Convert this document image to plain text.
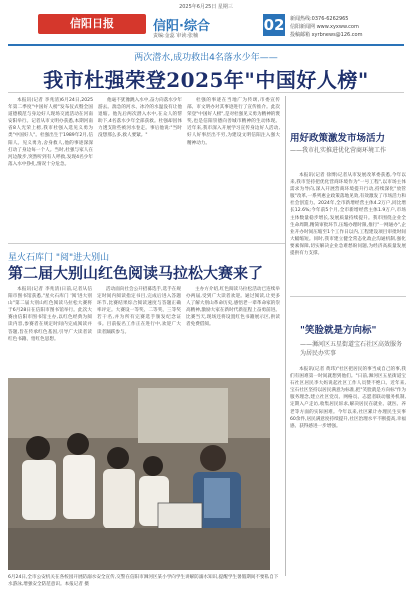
2025年6月25日 星期三
信阳日报	信阳·综合
责编:金蕊 审读:张楠
02 新闻热线:0376-6262965
信阳新闻网 www.xyxww.com
投稿邮箱 xyrbnews@126.com
两次潜水,成功救出4名落水少年——
我市杜强荣登2025年"中国好人榜"

本报讯(记者 李兆清)6月24日,2025年第二季度"中国好人榜"发布仪式暨全国道德模范与身边好人现场交流活动在河南安阳举行。记者从市文明办获悉,本期河南省8人光荣上榜,我市杜强入选见义勇为类"中国好人"。杜强出生于1989年2月,信阳人。见义勇为,舍身救人,他的事迹深深打动了身边每一个人。当时,杜强与家人在河边散步,突然听到有人呼救,发现4名少年落入水中挣扎,情况十分危急。

他毫不犹豫跳入水中,奋力向落水少年游去。湍急的河水、冰冷的水温没有让他退缩。他先后两次潜入水中,在众人的帮助下,4名落水少年全部获救。杜强却因体力透支险些被河水卷走。事后他说:"当时没想那么多,救人要紧。"

杜强的事迹在当地广为传颂,市委宣传部、市文明办对其事迹进行了宣传推介。此次荣登"中国好人榜",是对杜强见义勇为精神的褒奖,也是信阳崇德向善城市精神的生动体现。近年来,我市深入开展学习宣传身边好人活动,好人好事层出不穷,为建设文明信阳注入强大精神动力。	用好政策激发市场活力
——我市扎实推进优化营商环境工作

本报讯(记者 徐博)记者从市发展改革委获悉,今年以来,我市坚持把优化营商环境作为"一号工程",以市场主体需求为导向,深入开展营商环境提升行动,持续深化"放管服"改革,一系列惠企政策落地见效,有效激发了市场活力和社会创造力。2024年,全市新增经营主体4.2万户,同比增长12.6%;今年前5个月,全市新增经营主体1.9万户,市场主体数量稳步增长,发展质量持续提升。我市围绕企业全生命周期,精简审批环节,压缩办理时限,推行"一网通办",企业开办时间压缩至1个工作日以内,工程建设项目审批时间大幅缩短。同时,我市建立健全常态化政企沟通机制,强化要素保障,切实解决企业急难愁盼问题,为经济高质量发展提供有力支撑。

"笑脸就是方向标"
——浉河区五星街道宝石社区高效服务为居民办实事

本报讯(记者 黄玮)"社区把居民的事当成自己的事,我们有困难第一时间就想到他们。"日前,浉河区五星街道宝石社区居民李大妈说起社区工作人员赞不绝口。近年来,宝石社区坚持以居民满意为标准,把"笑脸就是方向标"作为服务理念,建立社区党员、网格员、志愿者联动服务机制,定期入户走访,收集居民诉求,解决居民在就业、就医、养老等方面的实际困难。今年以来,社区累计办理民生实事60余件,居民满意度持续提升,社区治理水平不断提高,幸福感、获得感进一步增强。

星火石库门 "阅"进大别山
第二届大别山红色阅读马拉松大赛来了

本报讯(记者 李兆清)日前,记者从信阳市图书馆获悉,"星火石库门 '阅'进大别山"第二届大别山红色阅读马拉松大赛将于6月28日在信阳市图书馆举行。此次大赛由信阳市图书馆主办,以红色经典为阅读内容,参赛者在规定时间内完成阅读并答题,旨在传承红色基因,引导广大读者读红色书籍、悟红色思想。

活动面向社会公开招募选手,选手在规定时间内阅读指定书目,完成后进入答题环节,比赛结果综合阅读速度与答题正确率评定。大赛设一等奖、二等奖、三等奖若干名,并为所有完赛选手颁发纪念证书。目前报名工作正在进行中,欢迎广大读者踊跃参与。

主办方介绍,红色阅读马拉松活动已连续举办两届,受到广大读者欢迎。通过阅读,让更多人了解大别山革命历史,感悟老一辈革命家的崇高精神,激励大家在新时代新征程上奋勇前进。比赛当天,现场还将设置红色书籍展示区,供读者免费借阅。

6月24日,全市公安机关在各校园开展防溺水安全宣传,交警在信阳市浉河区某小学向学生讲解防溺水知识,提醒学生暑假期间不要私自下水游泳,增强安全防范意识。本报记者 摄
